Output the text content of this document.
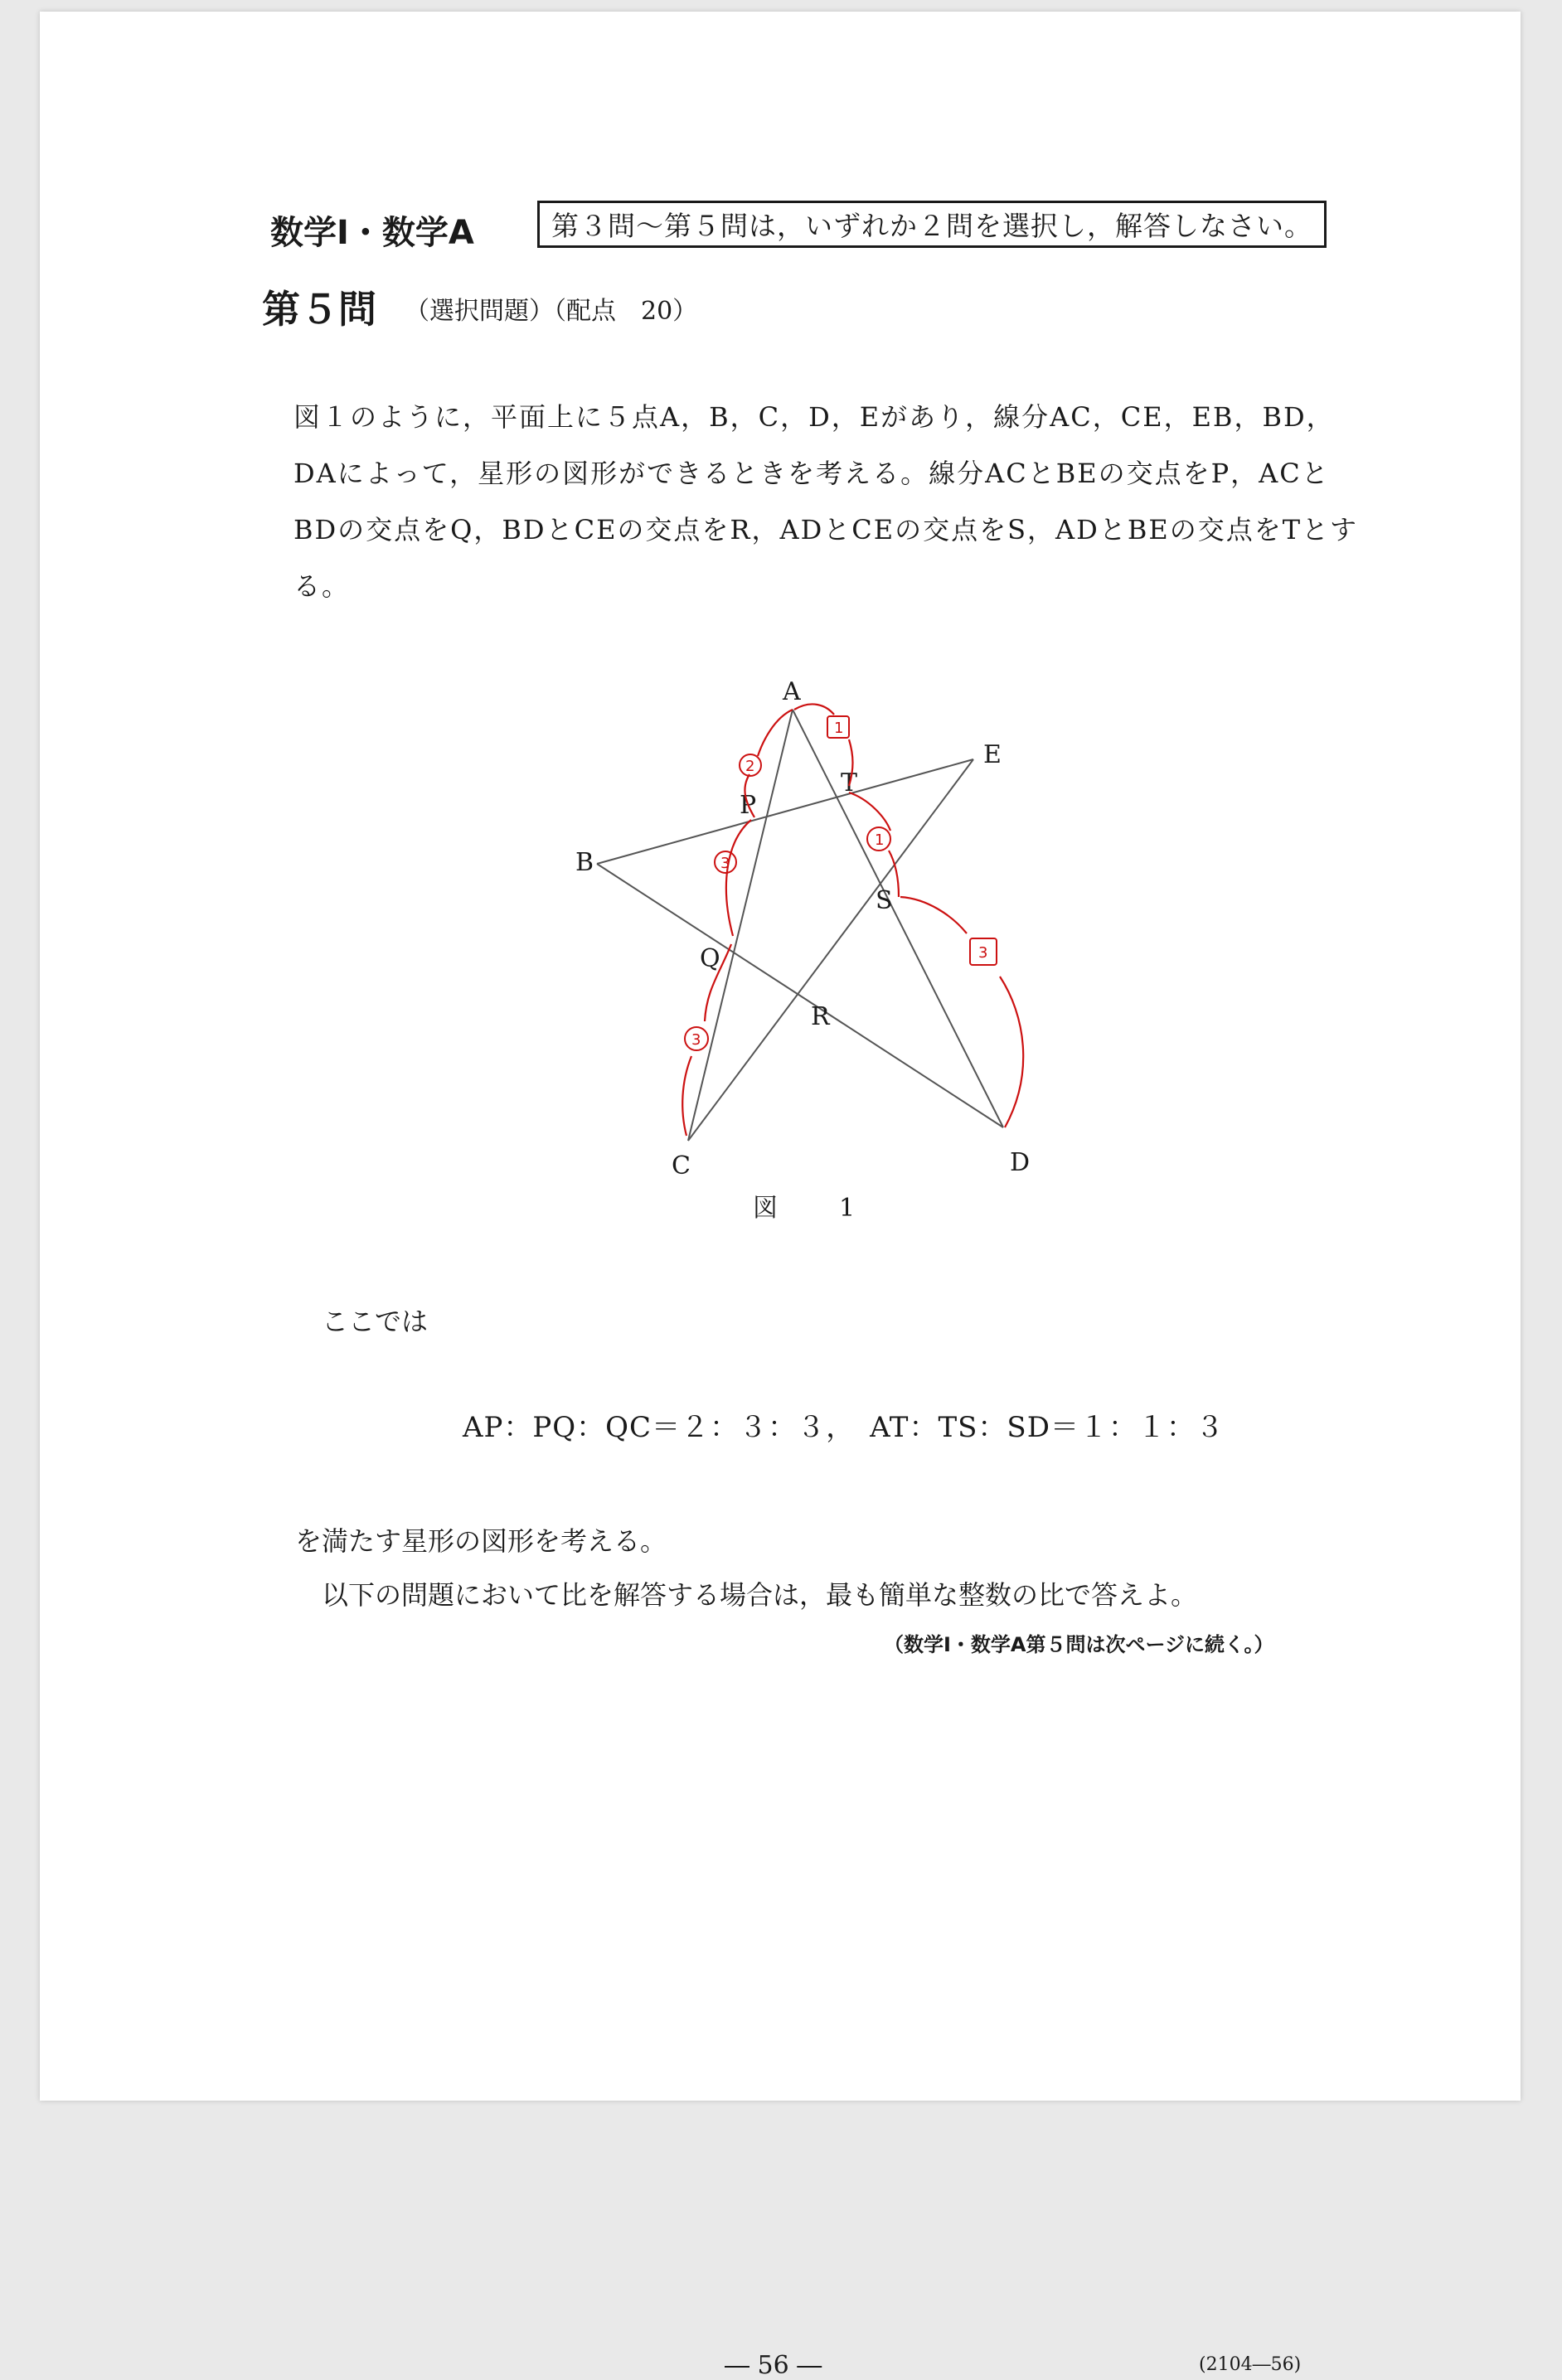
数学Ⅰ・数学A	第３問～第５問は，いずれか２問を選択し，解答しなさい。
第５問 （選択問題）（配点　20）
図１のように，平面上に５点A，B，C，D，Eがあり，線分AC，CE，EB，BD，DAによって，星形の図形ができるときを考える。線分ACとBEの交点をP，ACとBDの交点をQ，BDとCEの交点をR，ADとCEの交点をS，ADとBEの交点をTとする。
A
B
C	D
E
P
Q
R
S
T
2
3
3
1
1
3
図　1
ここでは
AP：PQ：QC＝２：３：３，　AT：TS：SD＝１：１：３
を満たす星形の図形を考える。
以下の問題において比を解答する場合は，最も簡単な整数の比で答えよ。
（数学Ⅰ・数学A第５問は次ページに続く。）
― 56 ―	(2104―56)
